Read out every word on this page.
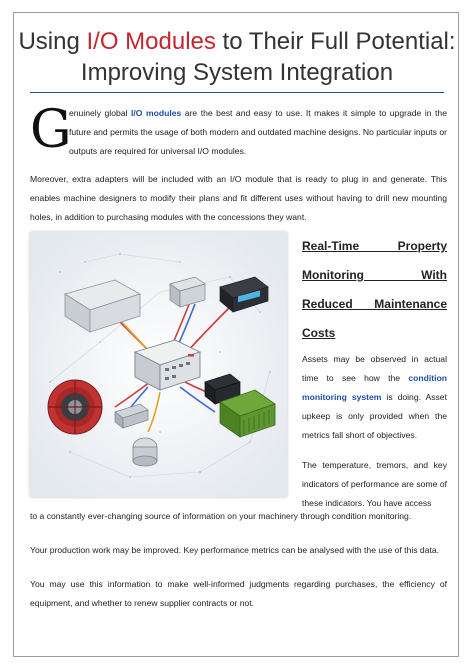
Using I/O Modules to Their Full Potential: Improving System Integration
G

enuinely global I/O modules are the best and easy to use. It makes it simple to upgrade in the future and permits the usage of both modern and outdated machine designs. No particular inputs or outputs are required for universal I/O modules.

Moreover, extra adapters will be included with an I/O module that is ready to plug in and generate. This enables machine designers to modify their plans and fit different uses without having to drill new mounting holes, in addition to purchasing modules with the concessions they want.

Real-Time Property
Monitoring With
Reduced Maintenance
Costs

Assets may be observed in actual time to see how the condition monitoring system is doing. Asset upkeep is only provided when the metrics fall short of objectives.

The temperature, tremors, and key indicators of performance are some of these indicators. You have access

to a constantly ever-changing source of information on your machinery through condition monitoring.

Your production work may be improved. Key performance metrics can be analysed with the use of this data.

You may use this information to make well-informed judgments regarding purchases, the efficiency of equipment, and whether to renew supplier contracts or not.
